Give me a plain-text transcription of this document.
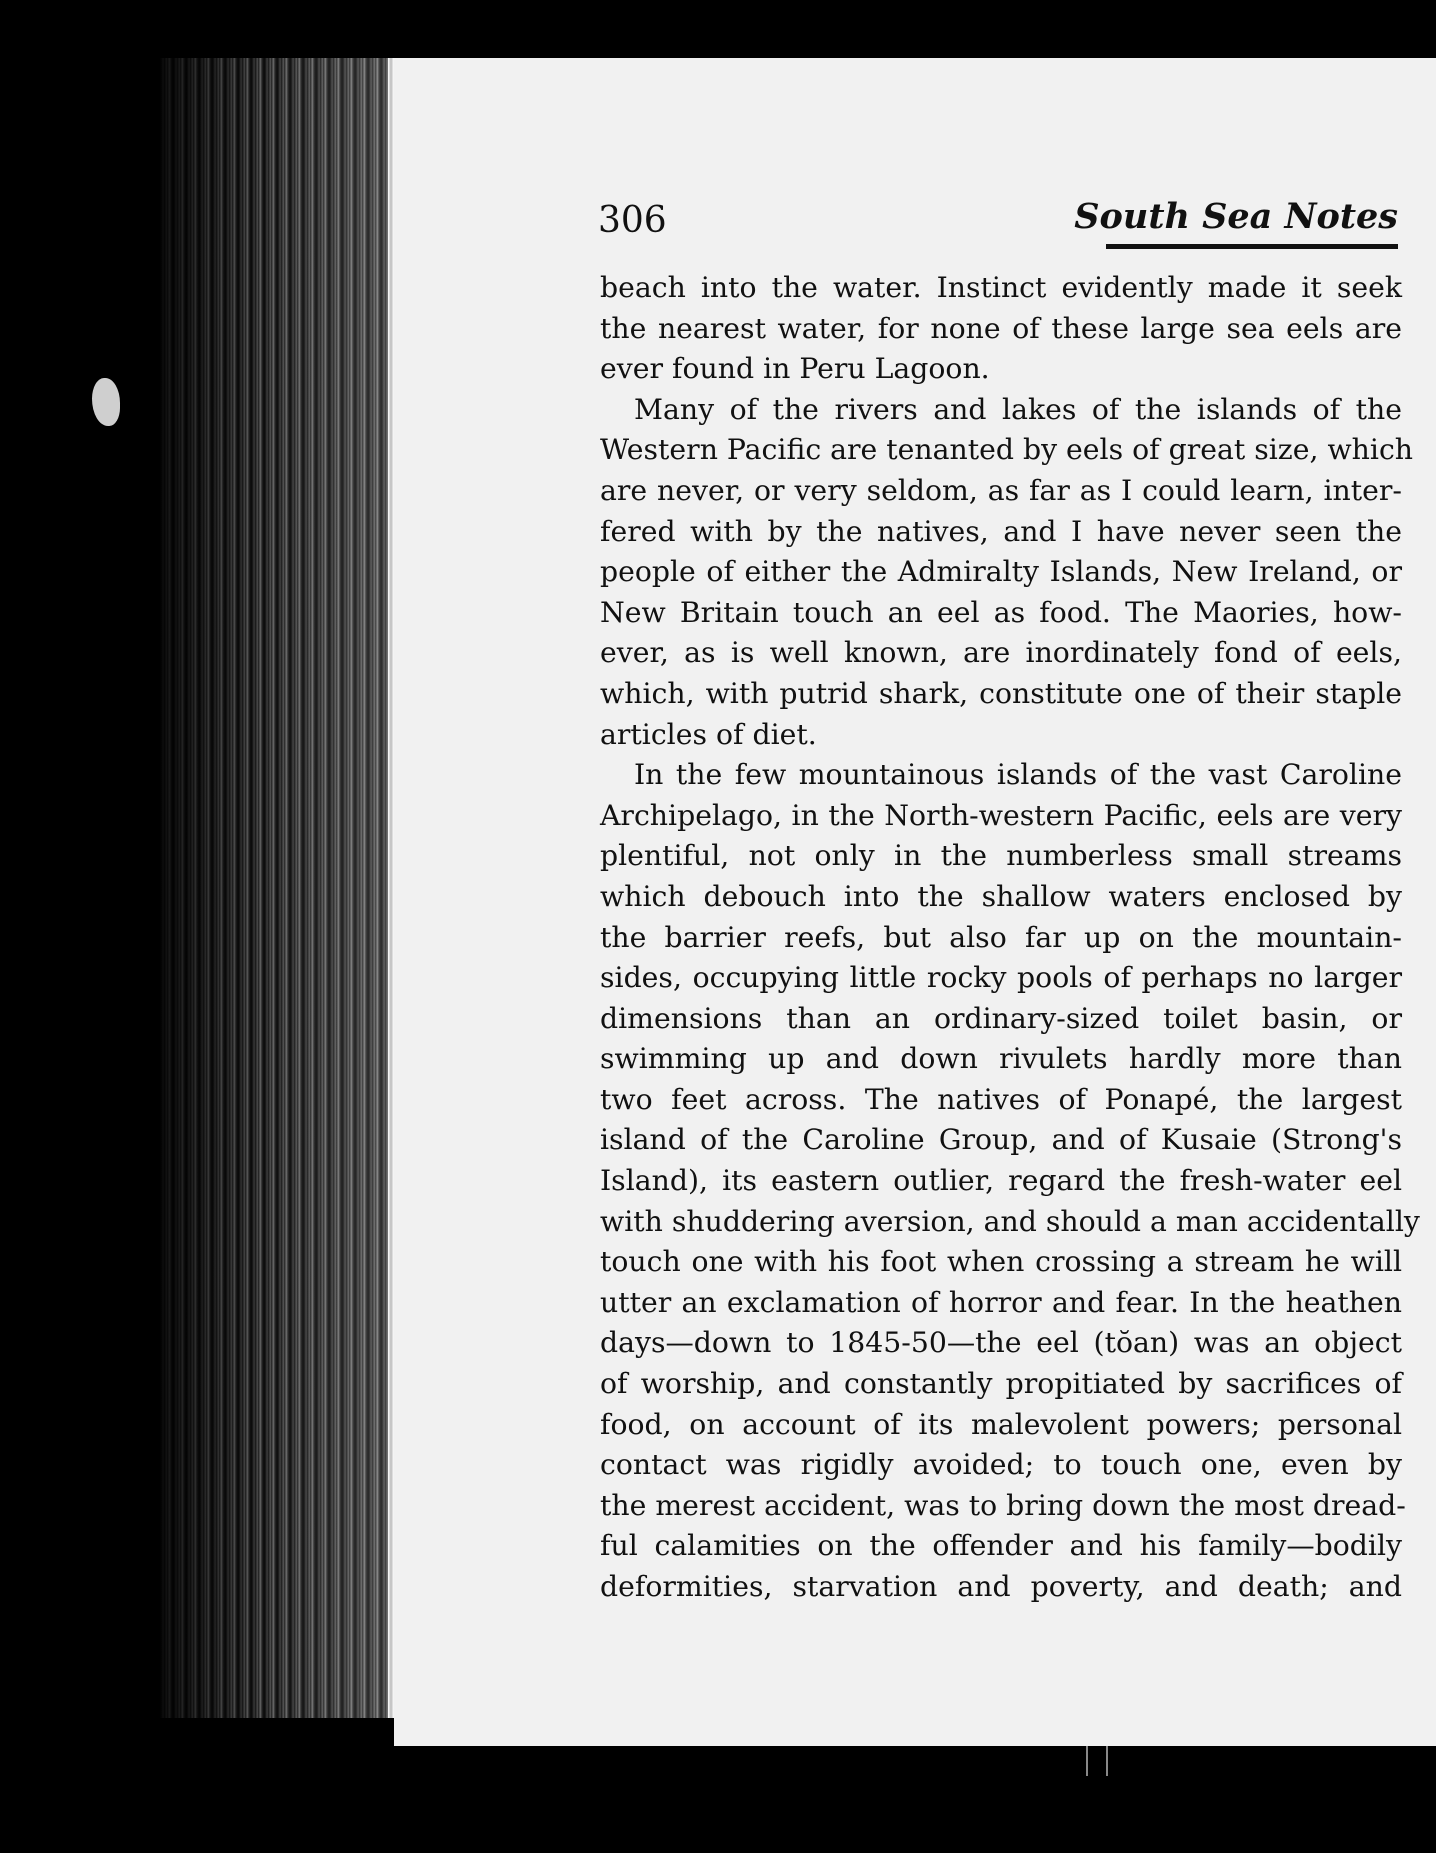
306	South Sea Notes
beach into the water. Instinct evidently made it seek
the nearest water, for none of these large sea eels are
ever found in Peru Lagoon.
Many of the rivers and lakes of the islands of the
Western Pacific are tenanted by eels of great size, which
are never, or very seldom, as far as I could learn, inter-
fered with by the natives, and I have never seen the
people of either the Admiralty Islands, New Ireland, or
New Britain touch an eel as food. The Maories, how-
ever, as is well known, are inordinately fond of eels,
which, with putrid shark, constitute one of their staple
articles of diet.
In the few mountainous islands of the vast Caroline
Archipelago, in the North-western Pacific, eels are very
plentiful, not only in the numberless small streams
which debouch into the shallow waters enclosed by
the barrier reefs, but also far up on the mountain-
sides, occupying little rocky pools of perhaps no larger
dimensions than an ordinary-sized toilet basin, or
swimming up and down rivulets hardly more than
two feet across. The natives of Ponapé, the largest
island of the Caroline Group, and of Kusaie (Strong's
Island), its eastern outlier, regard the fresh-water eel
with shuddering aversion, and should a man accidentally
touch one with his foot when crossing a stream he will
utter an exclamation of horror and fear. In the heathen
days—down to 1845-50—the eel (tŏan) was an object
of worship, and constantly propitiated by sacrifices of
food, on account of its malevolent powers; personal
contact was rigidly avoided; to touch one, even by
the merest accident, was to bring down the most dread-
ful calamities on the offender and his family—bodily
deformities, starvation and poverty, and death; and
